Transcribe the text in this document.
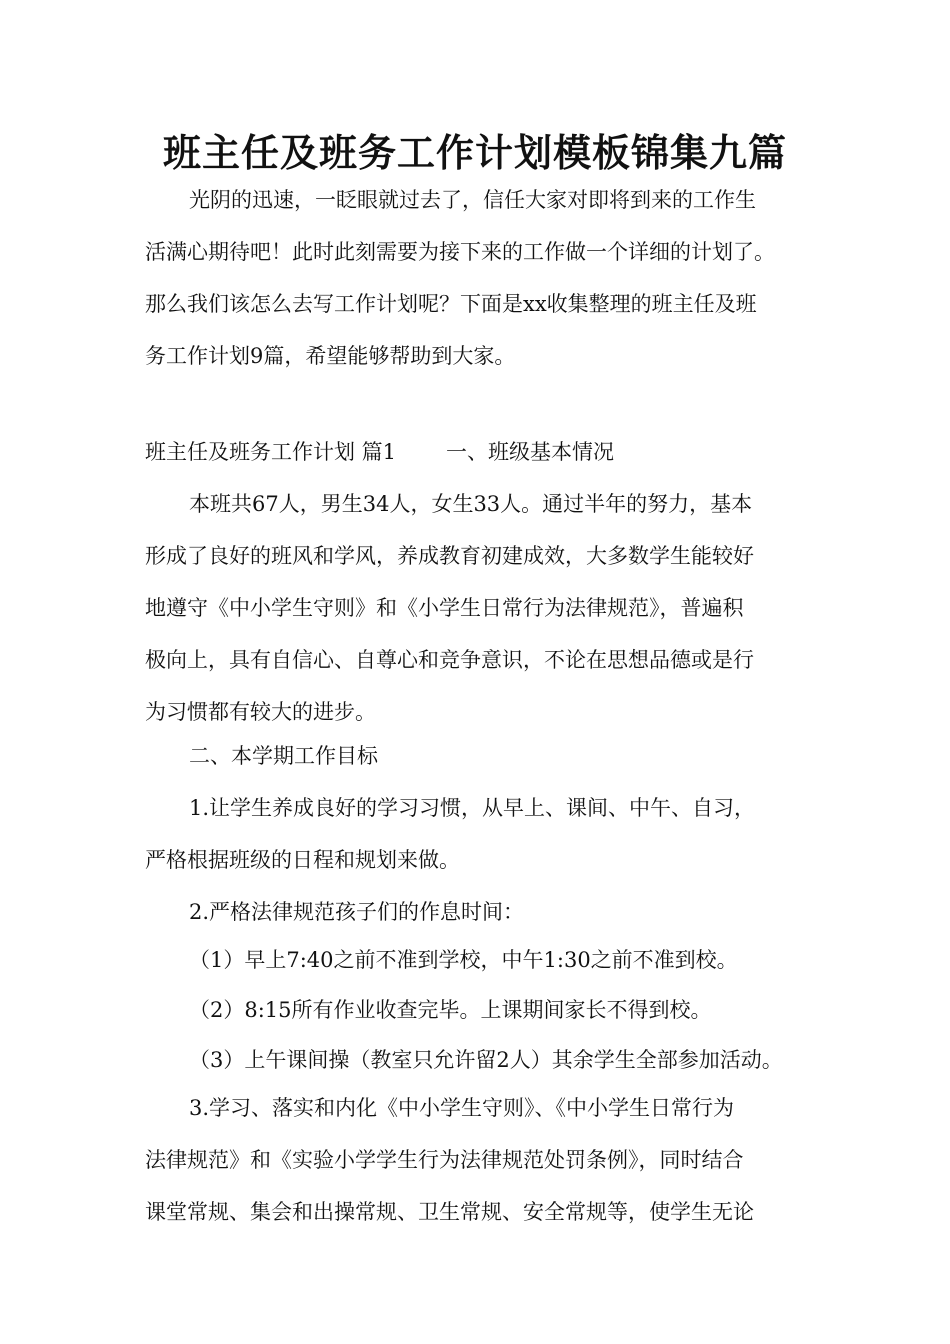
班主任及班务工作计划模板锦集九篇

光阴的迅速，一眨眼就过去了，信任大家对即将到来的工作生

活满心期待吧！此时此刻需要为接下来的工作做一个详细的计划了。

那么我们该怎么去写工作计划呢？下面是xx收集整理的班主任及班

务工作计划9篇，希望能够帮助到大家。

班主任及班务工作计划 篇1 一、班级基本情况

本班共67人，男生34人，女生33人。通过半年的努力，基本

形成了良好的班风和学风，养成教育初建成效，大多数学生能较好

地遵守《中小学生守则》和《小学生日常行为法律规范》，普遍积

极向上，具有自信心、自尊心和竞争意识，不论在思想品德或是行

为习惯都有较大的进步。

二、本学期工作目标

1.让学生养成良好的学习习惯，从早上、课间、中午、自习，

严格根据班级的日程和规划来做。

2.严格法律规范孩子们的作息时间：

（1）早上7:40之前不准到学校，中午1:30之前不准到校。

（2）8:15所有作业收查完毕。上课期间家长不得到校。

（3）上午课间操（教室只允许留2人）其余学生全部参加活动。

3.学习、落实和内化《中小学生守则》、《中小学生日常行为

法律规范》和《实验小学学生行为法律规范处罚条例》，同时结合

课堂常规、集会和出操常规、卫生常规、安全常规等，使学生无论
